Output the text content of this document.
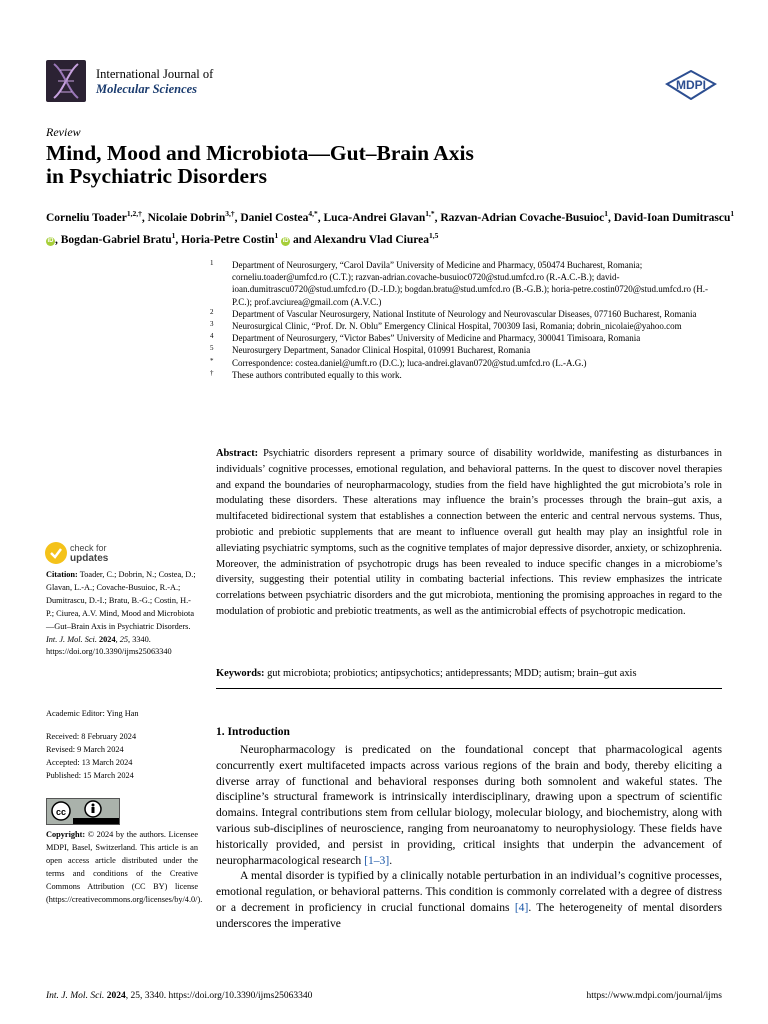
International Journal of
Molecular Sciences	MDPI
Review
Mind, Mood and Microbiota—Gut–Brain Axis
in Psychiatric Disorders
Corneliu Toader$^{1,2,\dagger}$, Nicolaie Dobrin$^{3,\dagger}$, Daniel Costea$^{4,*}$, Luca-Andrei Glavan$^{1,*}$, Razvan-Adrian Covache-Busuioc$^1$, David-Ioan Dumitrascu$^1$ iD , Bogdan-Gabriel Bratu$^1$, Horia-Petre Costin$^1$ iD and Alexandru Vlad Ciurea$^{1,5}$
1 Department of Neurosurgery, “Carol Davila” University of Medicine and Pharmacy, 050474 Bucharest, Romania; corneliu.toader@umfcd.ro (C.T.); razvan-adrian.covache-busuioc0720@stud.umfcd.ro (R.-A.C.-B.); david-ioan.dumitrascu0720@stud.umfcd.ro (D.-I.D.); bogdan.bratu@stud.umfcd.ro (B.-G.B.); horia-petre.costin0720@stud.umfcd.ro (H.-P.C.); prof.avciurea@gmail.com (A.V.C.)
2 Department of Vascular Neurosurgery, National Institute of Neurology and Neurovascular Diseases, 077160 Bucharest, Romania
3 Neurosurgical Clinic, “Prof. Dr. N. Oblu” Emergency Clinical Hospital, 700309 Iasi, Romania; dobrin_nicolaie@yahoo.com
4 Department of Neurosurgery, “Victor Babes” University of Medicine and Pharmacy, 300041 Timisoara, Romania
5 Neurosurgery Department, Sanador Clinical Hospital, 010991 Bucharest, Romania
* Correspondence: costea.daniel@umft.ro (D.C.); luca-andrei.glavan0720@stud.umfcd.ro (L.-A.G.)
† These authors contributed equally to this work.
Abstract: Psychiatric disorders represent a primary source of disability worldwide, manifesting as disturbances in individuals’ cognitive processes, emotional regulation, and behavioral patterns. In the quest to discover novel therapies and expand the boundaries of neuropharmacology, studies from the field have highlighted the gut microbiota’s role in modulating these disorders. These alterations may influence the brain’s processes through the brain–gut axis, a multifaceted bidirectional system that establishes a connection between the enteric and central nervous systems. Thus, probiotic and prebiotic supplements that are meant to influence overall gut health may play an insightful role in alleviating psychiatric symptoms, such as the cognitive templates of major depressive disorder, anxiety, or schizophrenia. Moreover, the administration of psychotropic drugs has been revealed to induce specific changes in a microbiome’s diversity, suggesting their potential utility in combating bacterial infections. This review emphasizes the intricate correlations between psychiatric disorders and the gut microbiota, mentioning the promising approaches in regard to the modulation of probiotic and prebiotic treatments, as well as the antimicrobial effects of psychotropic medication.
Keywords: gut microbiota; probiotics; antipsychotics; antidepressants; MDD; autism; brain–gut axis
check for
updates
Citation: Toader, C.; Dobrin, N.; Costea, D.; Glavan, L.-A.; Covache-Busuioc, R.-A.; Dumitrascu, D.-I.; Bratu, B.-G.; Costin, H.-P.; Ciurea, A.V. Mind, Mood and Microbiota—Gut–Brain Axis in Psychiatric Disorders. Int. J. Mol. Sci. 2024, 25, 3340. https://doi.org/10.3390/ijms25063340
Academic Editor: Ying Han
Received: 8 February 2024
Revised: 9 March 2024
Accepted: 13 March 2024
Published: 15 March 2024
cc
Copyright: © 2024 by the authors. Licensee MDPI, Basel, Switzerland. This article is an open access article distributed under the terms and conditions of the Creative Commons Attribution (CC BY) license (https://creativecommons.org/licenses/by/4.0/).
1. Introduction

Neuropharmacology is predicated on the foundational concept that pharmacological agents concurrently exert multifaceted impacts across various regions of the brain and body, thereby eliciting a diverse array of functional and behavioral responses during both somnolent and wakeful states. The discipline’s structural framework is intrinsically interdisciplinary, drawing upon a spectrum of scientific domains. Integral contributions stem from cellular biology, molecular biology, and biochemistry, along with various sub-disciplines of neuroscience, ranging from neuroanatomy to neurophysiology. These fields have historically provided, and persist in providing, critical insights that underpin the advancement of neuropharmacological research [1–3].

A mental disorder is typified by a clinically notable perturbation in an individual’s cognitive processes, emotional regulation, or behavioral patterns. This condition is commonly correlated with a degree of distress or a decrement in proficiency in crucial functional domains [4]. The heterogeneity of mental disorders underscores the imperative

Int. J. Mol. Sci. 2024, 25, 3340. https://doi.org/10.3390/ijms25063340	https://www.mdpi.com/journal/ijms
